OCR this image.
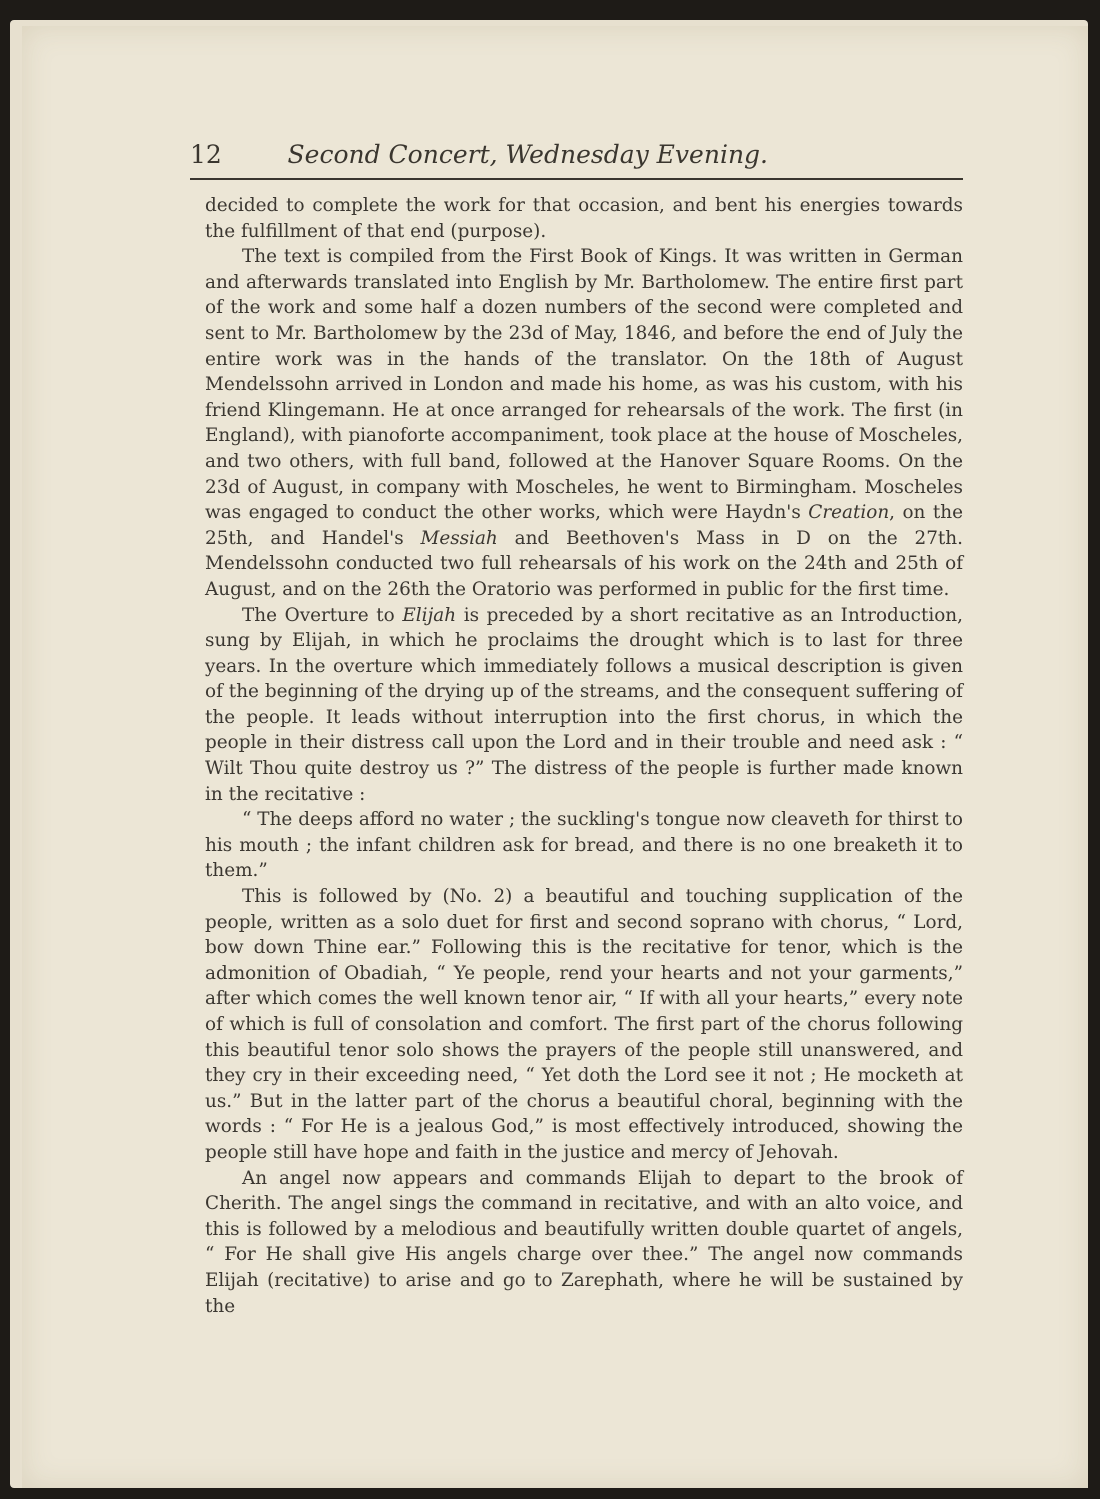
12	Second Concert, Wednesday Evening.

decided to complete the work for that occasion, and bent his energies towards the fulfillment of that end (purpose).

The text is compiled from the First Book of Kings. It was written in German and afterwards translated into English by Mr. Bartholomew. The entire first part of the work and some half a dozen numbers of the second were completed and sent to Mr. Bartholomew by the 23d of May, 1846, and before the end of July the entire work was in the hands of the translator. On the 18th of August Mendelssohn arrived in London and made his home, as was his custom, with his friend Klingemann. He at once arranged for rehearsals of the work. The first (in England), with pianoforte accompaniment, took place at the house of Moscheles, and two others, with full band, followed at the Hanover Square Rooms. On the 23d of August, in company with Moscheles, he went to Birmingham. Moscheles was engaged to conduct the other works, which were Haydn's Creation, on the 25th, and Handel's Messiah and Beethoven's Mass in D on the 27th. Mendelssohn conducted two full rehearsals of his work on the 24th and 25th of August, and on the 26th the Oratorio was performed in public for the first time.

The Overture to Elijah is preceded by a short recitative as an Introduction, sung by Elijah, in which he proclaims the drought which is to last for three years. In the overture which immediately follows a musical description is given of the beginning of the drying up of the streams, and the consequent suffering of the people. It leads without interruption into the first chorus, in which the people in their distress call upon the Lord and in their trouble and need ask : “ Wilt Thou quite destroy us ?” The distress of the people is further made known in the recitative :

“ The deeps afford no water ; the suckling's tongue now cleaveth for thirst to his mouth ; the infant children ask for bread, and there is no one breaketh it to them.”

This is followed by (No. 2) a beautiful and touching supplication of the people, written as a solo duet for first and second soprano with chorus, “ Lord, bow down Thine ear.” Following this is the recitative for tenor, which is the admonition of Obadiah, “ Ye people, rend your hearts and not your garments,” after which comes the well known tenor air, “ If with all your hearts,” every note of which is full of consolation and comfort. The first part of the chorus following this beautiful tenor solo shows the prayers of the people still unanswered, and they cry in their exceeding need, “ Yet doth the Lord see it not ; He mocketh at us.” But in the latter part of the chorus a beautiful choral, beginning with the words : “ For He is a jealous God,” is most effectively introduced, showing the people still have hope and faith in the justice and mercy of Jehovah.

An angel now appears and commands Elijah to depart to the brook of Cherith. The angel sings the command in recitative, and with an alto voice, and this is followed by a melodious and beautifully written double quartet of angels, “ For He shall give His angels charge over thee.” The angel now commands Elijah (recitative) to arise and go to Zarephath, where he will be sustained by the
